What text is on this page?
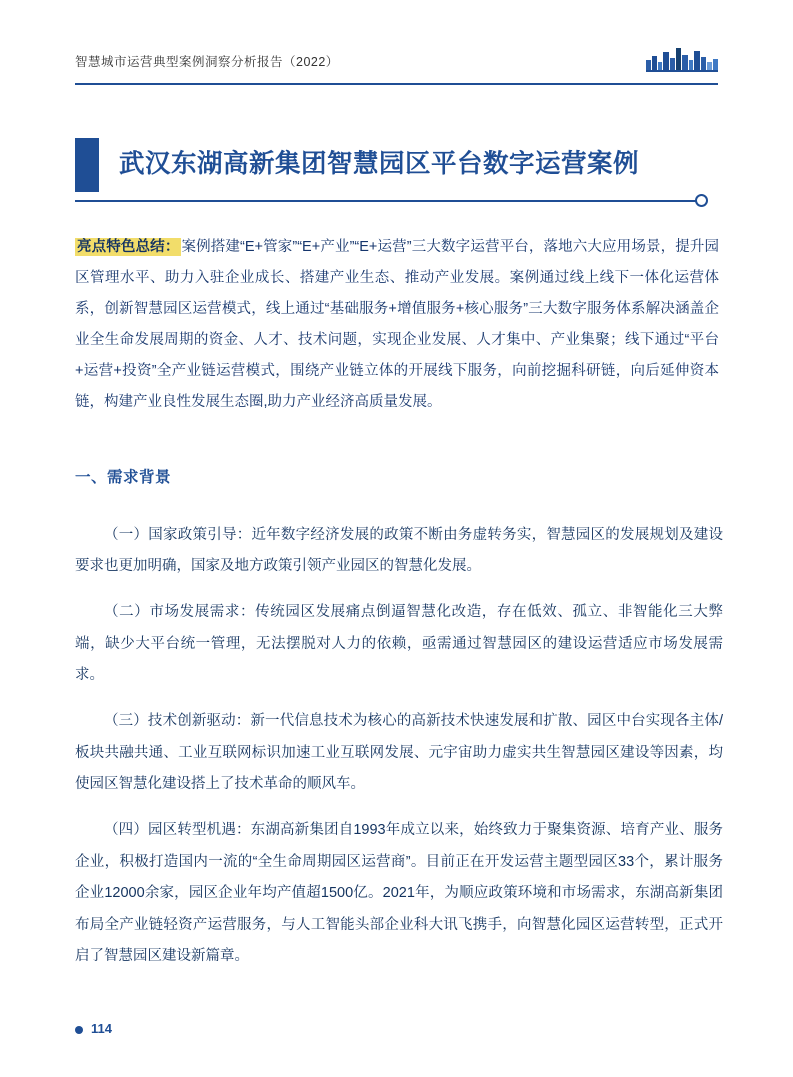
智慧城市运营典型案例洞察分析报告（2022）
武汉东湖高新集团智慧园区平台数字运营案例
亮点特色总结： 案例搭建“E+管家”“E+产业”“E+运营”三大数字运营平台，落地六大应用场景，提升园区管理水平、助力入驻企业成长、搭建产业生态、推动产业发展。案例通过线上线下一体化运营体系，创新智慧园区运营模式，线上通过“基础服务+增值服务+核心服务”三大数字服务体系解决涵盖企业全生命发展周期的资金、人才、技术问题，实现企业发展、人才集中、产业集聚；线下通过“平台+运营+投资”全产业链运营模式，围绕产业链立体的开展线下服务，向前挖掘科研链，向后延伸资本链，构建产业良性发展生态圈,助力产业经济高质量发展。
一、需求背景

（一）国家政策引导：近年数字经济发展的政策不断由务虚转务实，智慧园区的发展规划及建设要求也更加明确，国家及地方政策引领产业园区的智慧化发展。

（二）市场发展需求：传统园区发展痛点倒逼智慧化改造，存在低效、孤立、非智能化三大弊端，缺少大平台统一管理，无法摆脱对人力的依赖，亟需通过智慧园区的建设运营适应市场发展需求。

（三）技术创新驱动：新一代信息技术为核心的高新技术快速发展和扩散、园区中台实现各主体/板块共融共通、工业互联网标识加速工业互联网发展、元宇宙助力虚实共生智慧园区建设等因素，均使园区智慧化建设搭上了技术革命的顺风车。

（四）园区转型机遇：东湖高新集团自1993年成立以来，始终致力于聚集资源、培育产业、服务企业，积极打造国内一流的“全生命周期园区运营商”。目前正在开发运营主题型园区33个，累计服务企业12000余家，园区企业年均产值超1500亿。2021年，为顺应政策环境和市场需求，东湖高新集团布局全产业链轻资产运营服务，与人工智能头部企业科大讯飞携手，向智慧化园区运营转型，正式开启了智慧园区建设新篇章。

114
